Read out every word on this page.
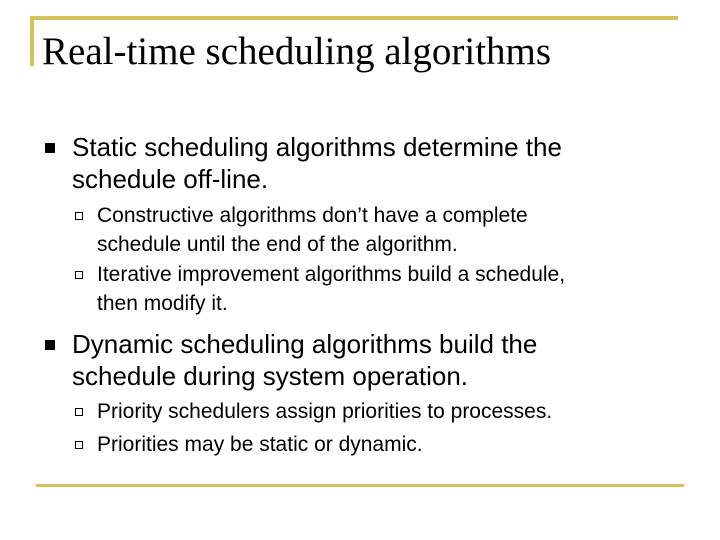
Real-time scheduling algorithms
Static scheduling algorithms determine the
schedule off-line.
Constructive algorithms don’t have a complete
schedule until the end of the algorithm.
Iterative improvement algorithms build a schedule,
then modify it.
Dynamic scheduling algorithms build the
schedule during system operation.
Priority schedulers assign priorities to processes.
Priorities may be static or dynamic.
